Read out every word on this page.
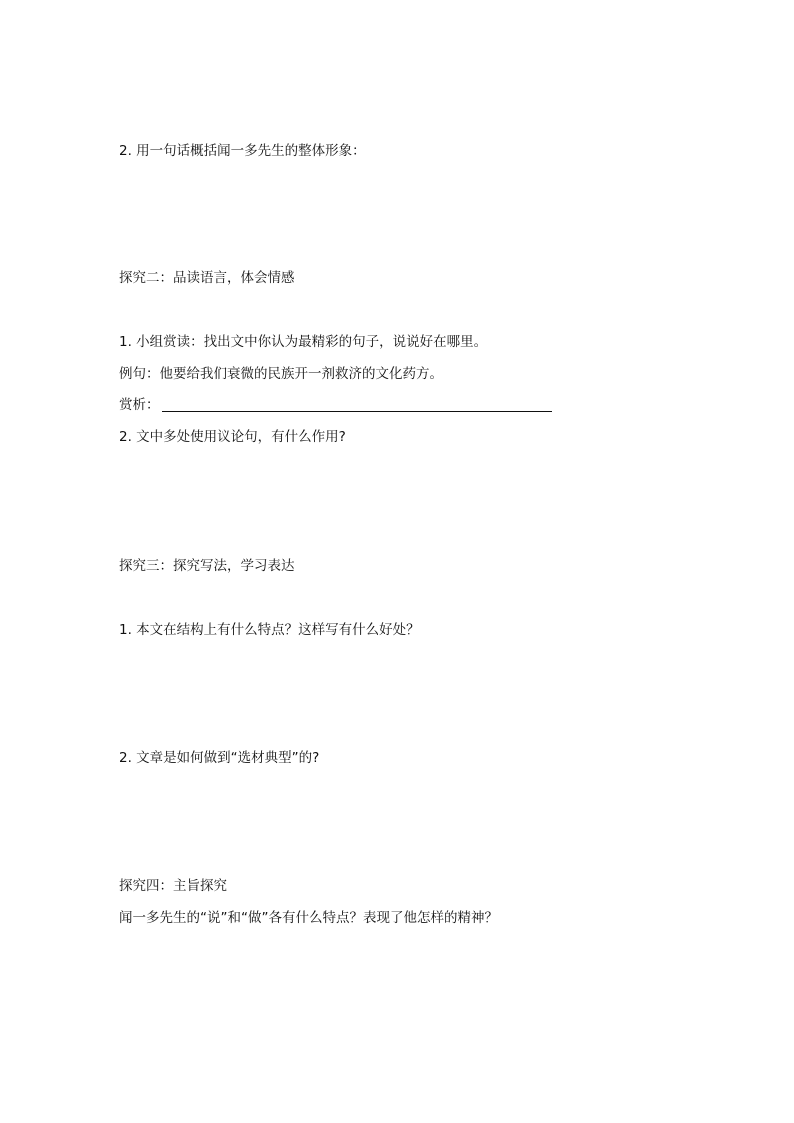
2. 用一句话概括闻一多先生的整体形象：
探究二：品读语言，体会情感
1. 小组赏读：找出文中你认为最精彩的句子，说说好在哪里。
例句：他要给我们衰微的民族开一剂救济的文化药方。
赏析：
2. 文中多处使用议论句，有什么作用?
探究三：探究写法，学习表达
1. 本文在结构上有什么特点？这样写有什么好处？
2. 文章是如何做到“选材典型”的?
探究四：主旨探究
闻一多先生的“说”和“做”各有什么特点？表现了他怎样的精神？
